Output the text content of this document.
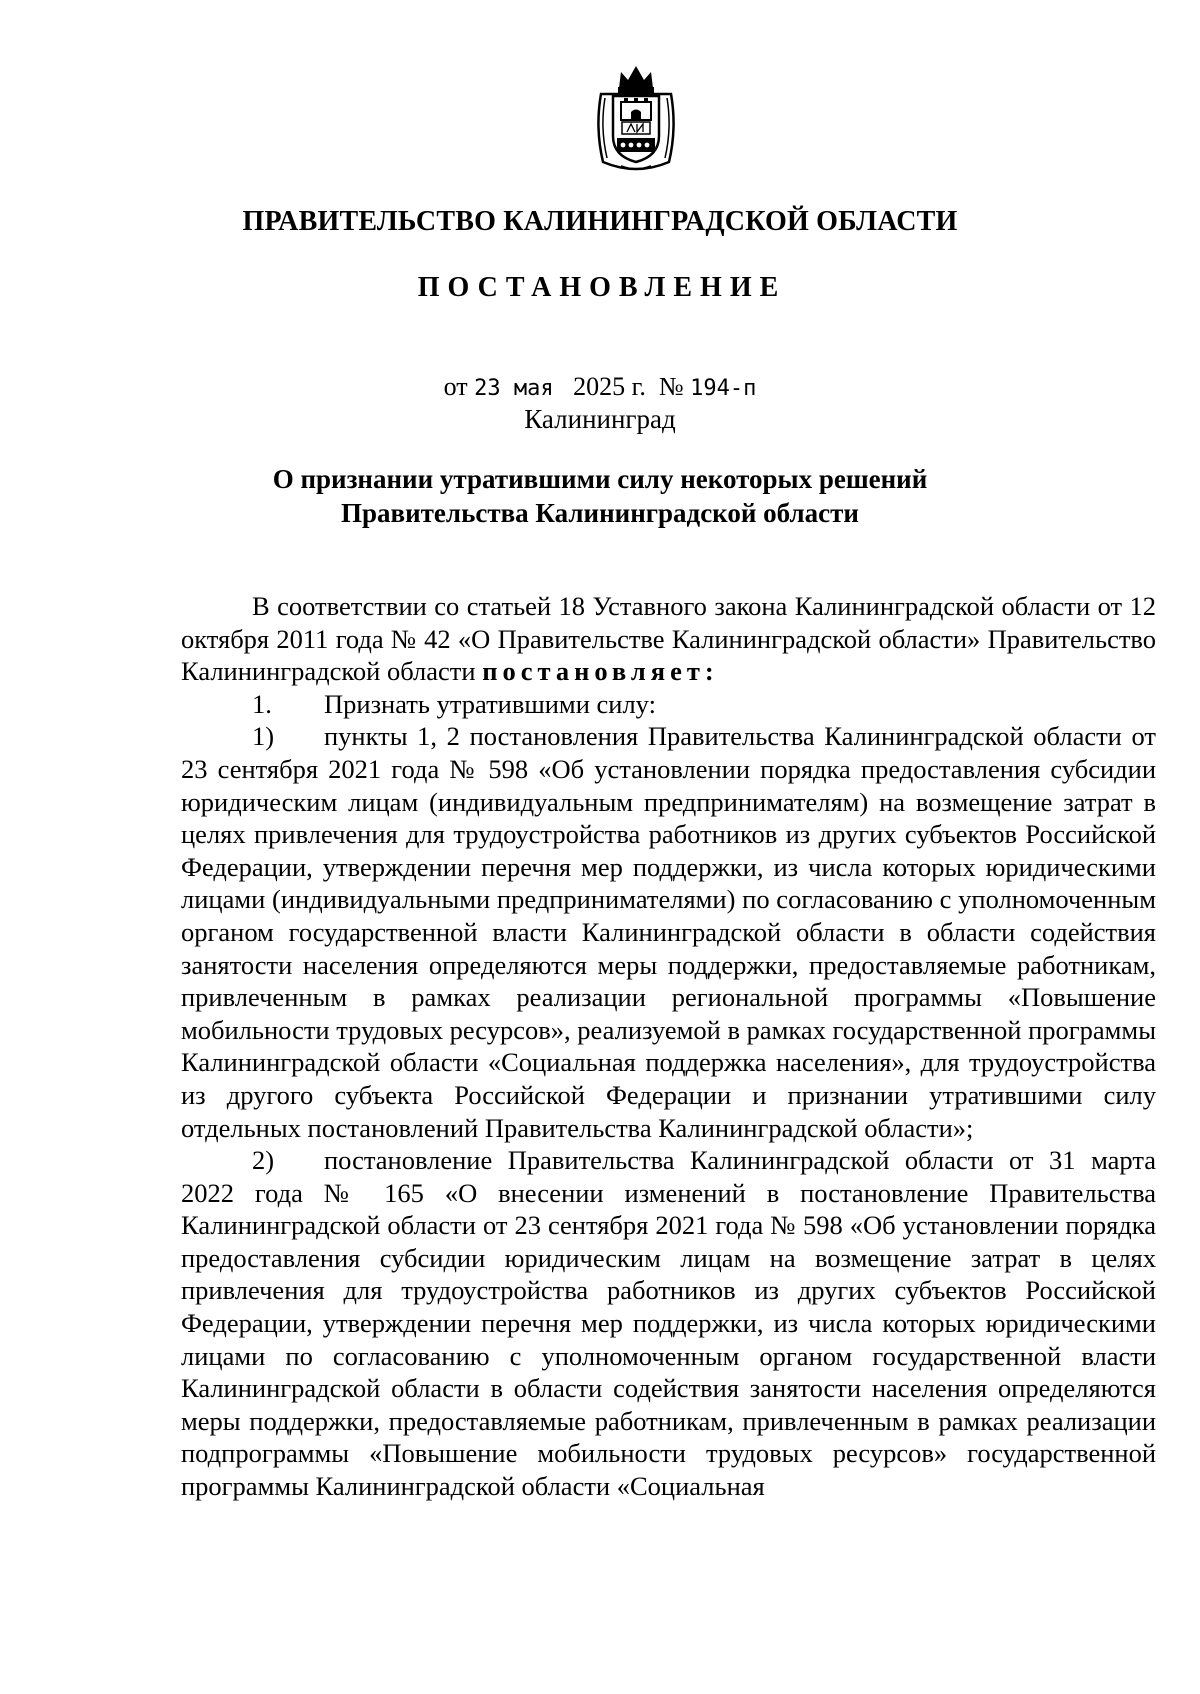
ПРАВИТЕЛЬСТВО КАЛИНИНГРАДСКОЙ ОБЛАСТИ
ПОСТАНОВЛЕНИЕ
от 23 мая 2025 г. № 194-п
Калининград
О признании утратившими силу некоторых решений
Правительства Калининградской области

В соответствии со статьей 18 Уставного закона Калининградской области от 12 октября 2011 года № 42 «О Правительстве Калининградской области» Правительство Калининградской области постановляет:

1. Признать утратившими силу:

1) пункты 1, 2 постановления Правительства Калининградской области от 23 сентября 2021 года № 598 «Об установлении порядка предоставления субсидии юридическим лицам (индивидуальным предпринимателям) на возмещение затрат в целях привлечения для трудоустройства работников из других субъектов Российской Федерации, утверждении перечня мер поддержки, из числа которых юридическими лицами (индивидуальными предпринимателями) по согласованию с уполномоченным органом государственной власти Калининградской области в области содействия занятости населения определяются меры поддержки, предоставляемые работникам, привлеченным в рамках реализации региональной программы «Повышение мобильности трудовых ресурсов», реализуемой в рамках государственной программы Калининградской области «Социальная поддержка населения», для трудоустройства из другого субъекта Российской Федерации и признании утратившими силу отдельных постановлений Правительства Калининградской области»;

2) постановление Правительства Калининградской области от 31 марта 2022 года № 165 «О внесении изменений в постановление Правительства Калининградской области от 23 сентября 2021 года № 598 «Об установлении порядка предоставления субсидии юридическим лицам на возмещение затрат в целях привлечения для трудоустройства работников из других субъектов Российской Федерации, утверждении перечня мер поддержки, из числа которых юридическими лицами по согласованию с уполномоченным органом государственной власти Калининградской области в области содействия занятости населения определяются меры поддержки, предоставляемые работникам, привлеченным в рамках реализации подпрограммы «Повышение мобильности трудовых ресурсов» государственной программы Калининградской области «Социальная
